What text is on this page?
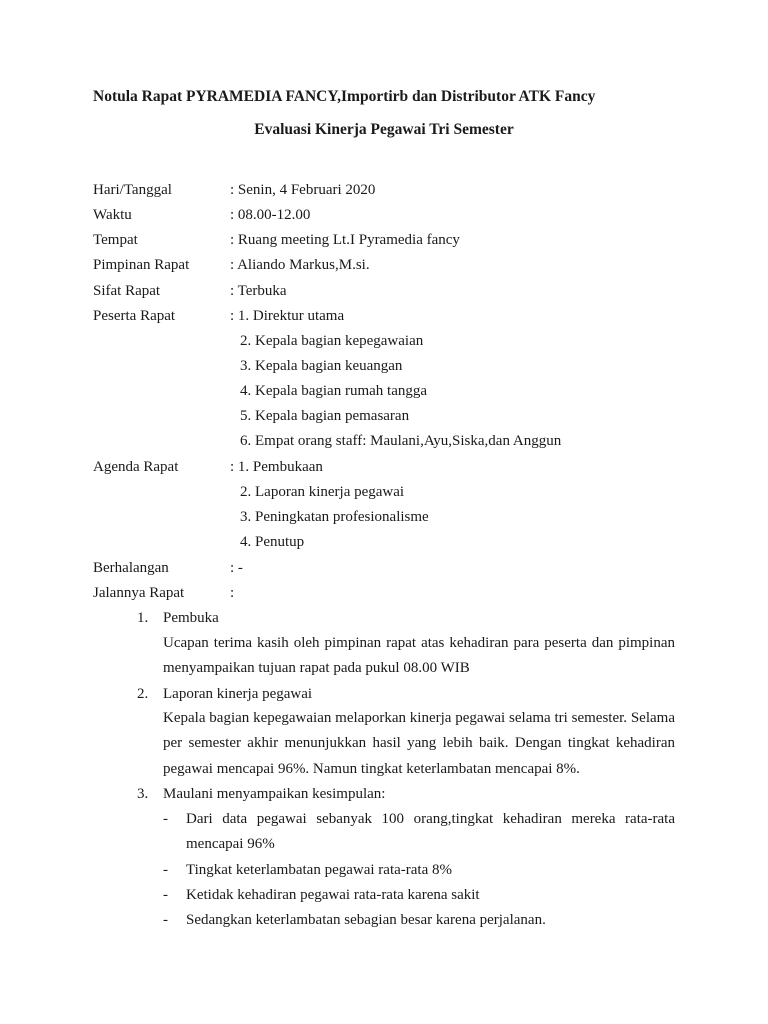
Notula Rapat PYRAMEDIA FANCY,Importirb dan Distributor ATK Fancy
Evaluasi Kinerja Pegawai Tri Semester
Hari/Tanggal	: Senin, 4 Februari 2020
Waktu	: 08.00-12.00
Tempat	: Ruang meeting Lt.I Pyramedia fancy
Pimpinan Rapat	: Aliando Markus,M.si.
Sifat Rapat	: Terbuka
Peserta Rapat	: 1. Direktur utama
2. Kepala bagian kepegawaian
3. Kepala bagian keuangan
4. Kepala bagian rumah tangga
5. Kepala bagian pemasaran
6. Empat orang staff: Maulani,Ayu,Siska,dan Anggun
Agenda Rapat	: 1. Pembukaan
2. Laporan kinerja pegawai
3. Peningkatan profesionalisme
4. Penutup
Berhalangan	: -
Jalannya Rapat	:
1. Pembuka
Ucapan terima kasih oleh pimpinan rapat atas kehadiran para peserta dan pimpinan menyampaikan tujuan rapat pada pukul 08.00 WIB
2. Laporan kinerja pegawai
Kepala bagian kepegawaian melaporkan kinerja pegawai selama tri semester. Selama per semester akhir menunjukkan hasil yang lebih baik. Dengan tingkat kehadiran pegawai mencapai 96%. Namun tingkat keterlambatan mencapai 8%.
3. Maulani menyampaikan kesimpulan:
- Dari data pegawai sebanyak 100 orang,tingkat kehadiran mereka rata-rata mencapai 96%
- Tingkat keterlambatan pegawai rata-rata 8%
- Ketidak kehadiran pegawai rata-rata karena sakit
- Sedangkan keterlambatan sebagian besar karena perjalanan.
